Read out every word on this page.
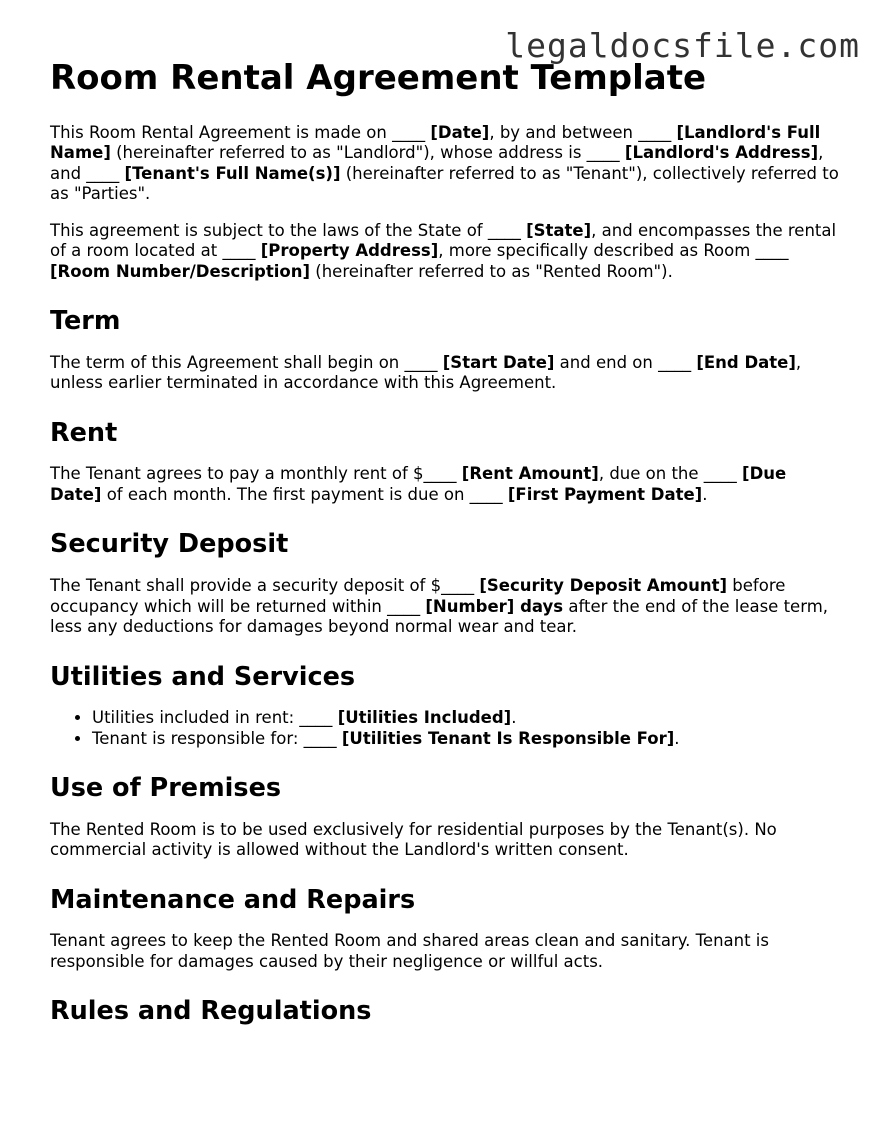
legaldocsfile.com
Room Rental Agreement Template

This Room Rental Agreement is made on ____ [Date], by and between ____ [Landlord's Full Name] (hereinafter referred to as "Landlord"), whose address is ____ [Landlord's Address], and ____ [Tenant's Full Name(s)] (hereinafter referred to as "Tenant"), collectively referred to as "Parties".

This agreement is subject to the laws of the State of ____ [State], and encompasses the rental of a room located at ____ [Property Address], more specifically described as Room ____ [Room Number/Description] (hereinafter referred to as "Rented Room").

Term

The term of this Agreement shall begin on ____ [Start Date] and end on ____ [End Date], unless earlier terminated in accordance with this Agreement.

Rent

The Tenant agrees to pay a monthly rent of $____ [Rent Amount], due on the ____ [Due Date] of each month. The first payment is due on ____ [First Payment Date].

Security Deposit

The Tenant shall provide a security deposit of $____ [Security Deposit Amount] before occupancy which will be returned within ____ [Number] days after the end of the lease term, less any deductions for damages beyond normal wear and tear.

Utilities and Services
• Utilities included in rent: ____ [Utilities Included].
• Tenant is responsible for: ____ [Utilities Tenant Is Responsible For].
Use of Premises

The Rented Room is to be used exclusively for residential purposes by the Tenant(s). No commercial activity is allowed without the Landlord's written consent.

Maintenance and Repairs

Tenant agrees to keep the Rented Room and shared areas clean and sanitary. Tenant is responsible for damages caused by their negligence or willful acts.

Rules and Regulations
